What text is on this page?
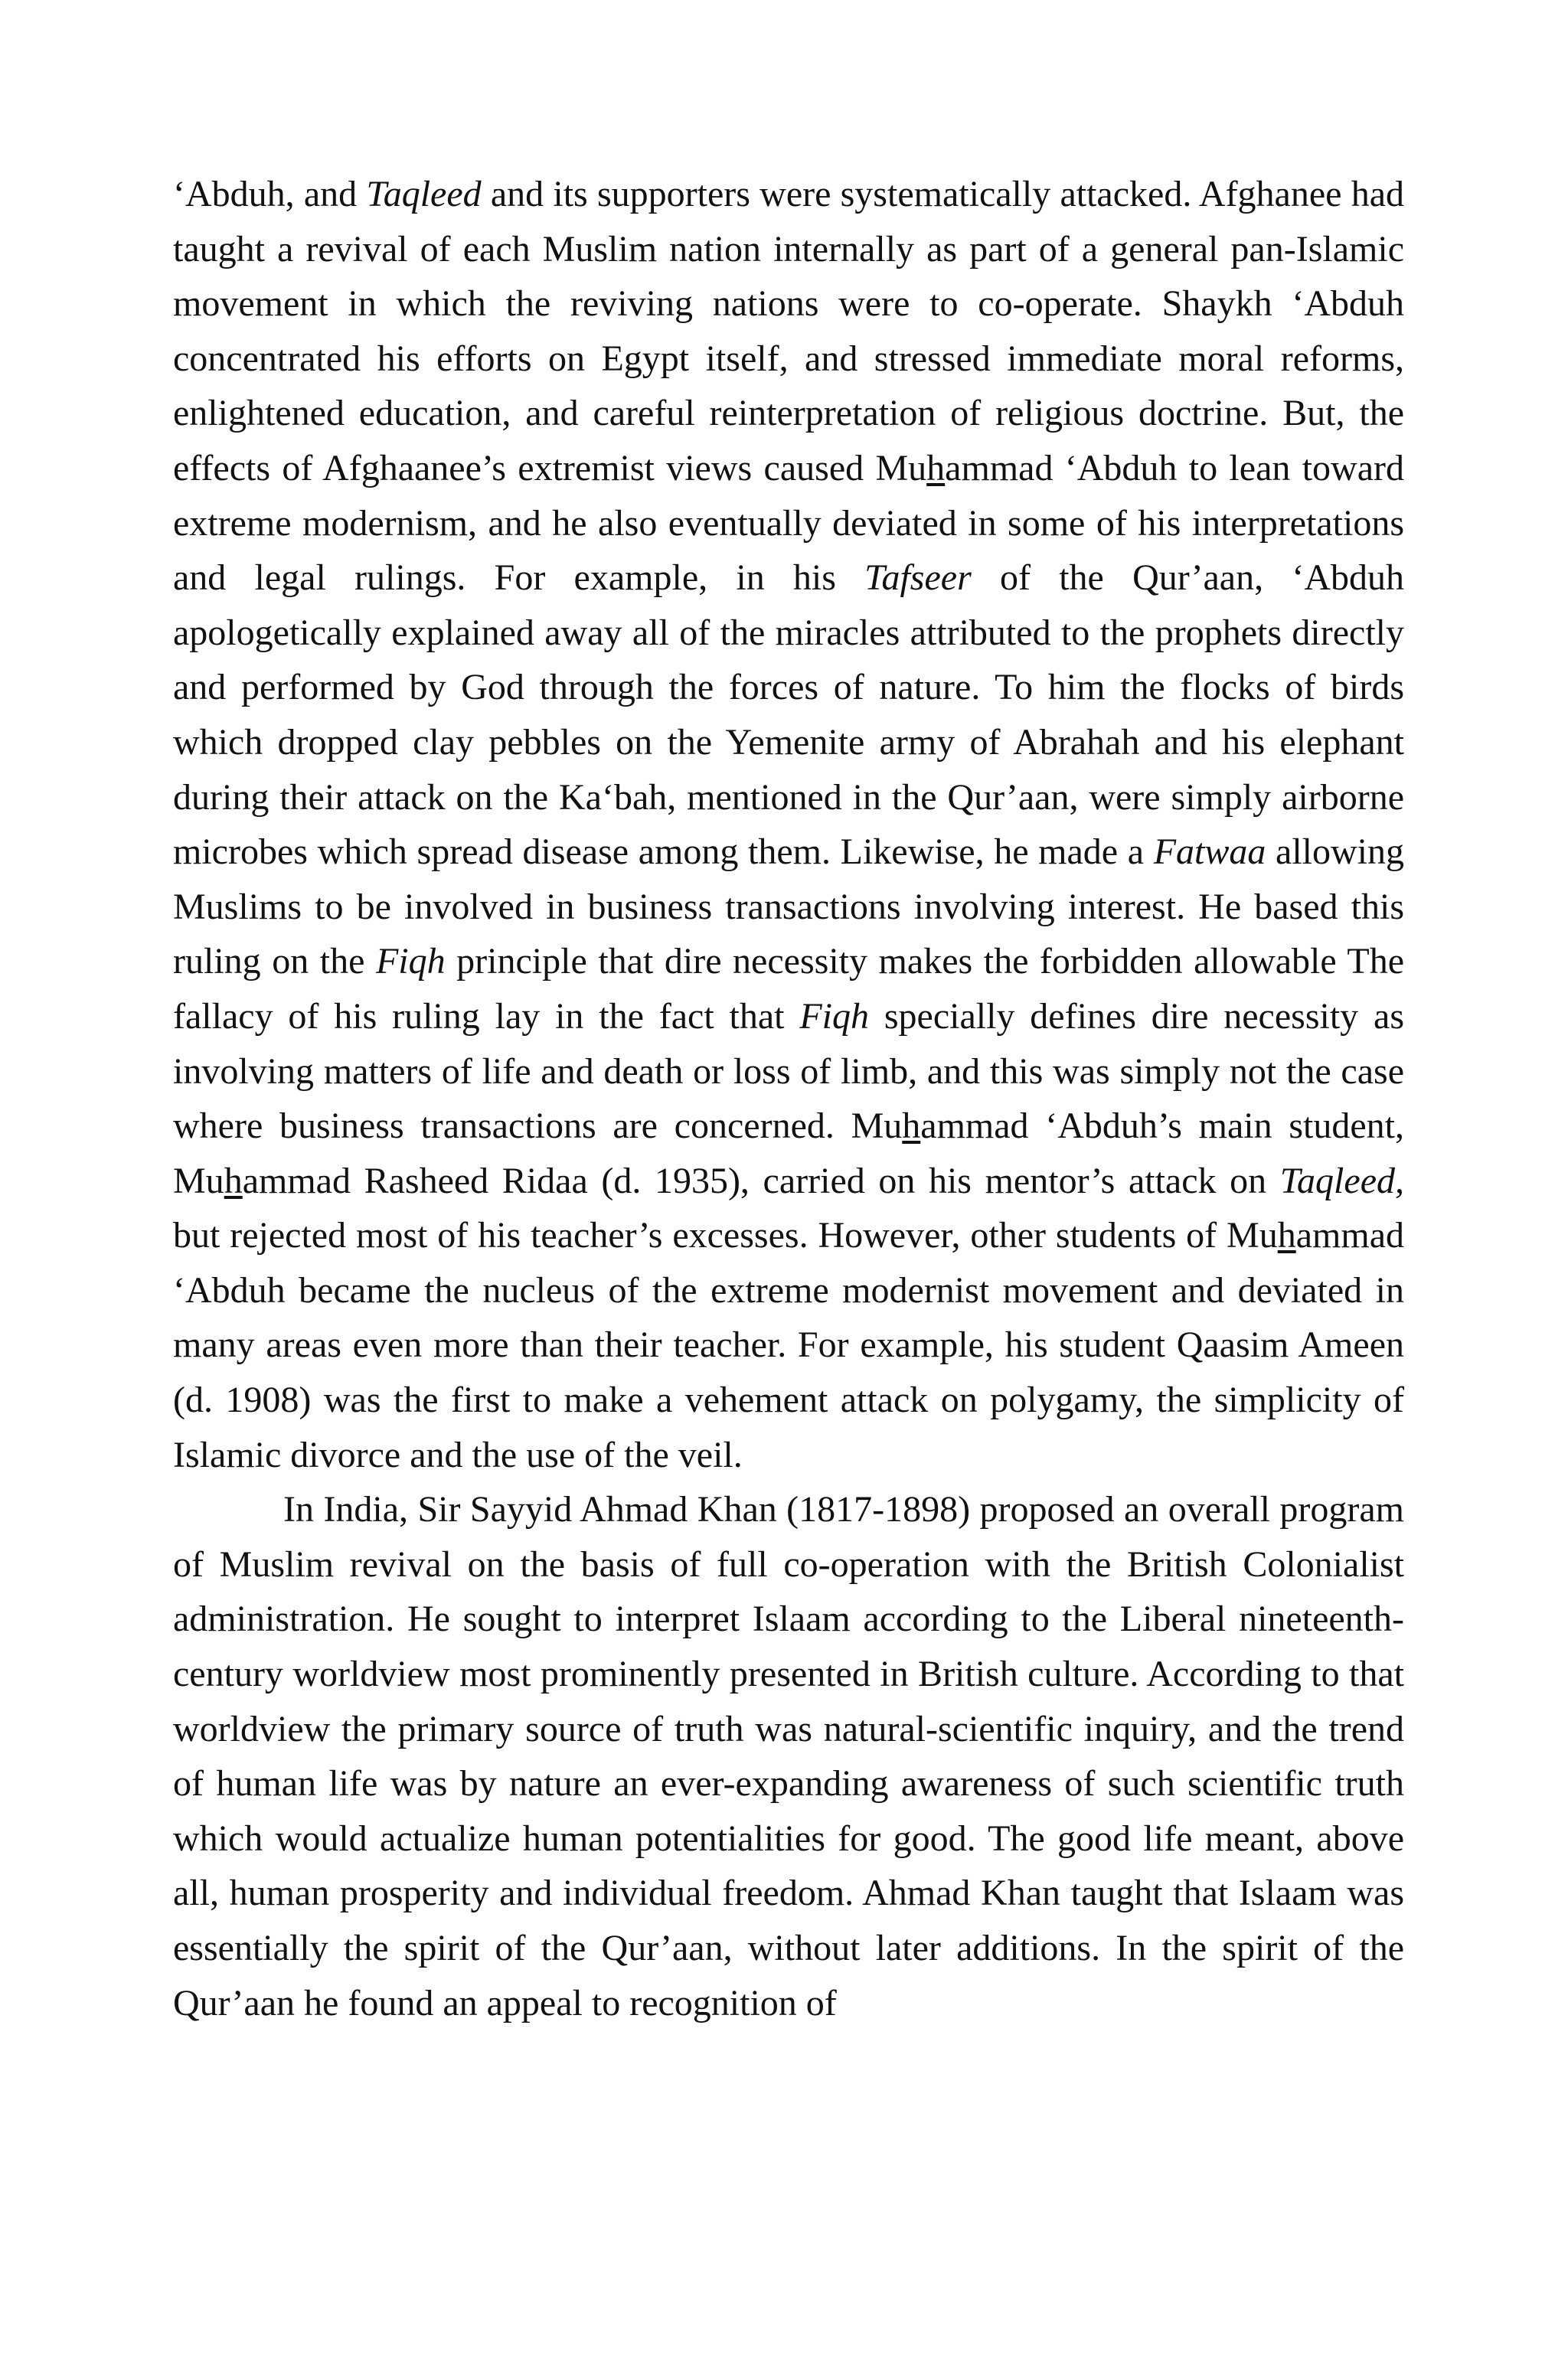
‘Abduh, and Taqleed and its supporters were systematically attacked. Afghanee had taught a revival of each Muslim nation internally as part of a general pan-Islamic movement in which the reviving nations were to co-operate. Shaykh ‘Abduh concentrated his efforts on Egypt itself, and stressed immediate moral reforms, enlightened education, and careful reinterpretation of religious doctrine. But, the effects of Afghaanee’s extremist views caused Muhammad ‘Abduh to lean toward extreme modernism, and he also eventually deviated in some of his interpretations and legal rulings. For example, in his Tafseer of the Qur’aan, ‘Abduh apologetically explained away all of the miracles attributed to the prophets directly and performed by God through the forces of nature. To him the flocks of birds which dropped clay pebbles on the Yemenite army of Abrahah and his elephant during their attack on the Ka‘bah, mentioned in the Qur’aan, were simply airborne microbes which spread disease among them. Likewise, he made a Fatwaa allowing Muslims to be involved in business transactions involving interest. He based this ruling on the Fiqh principle that dire necessity makes the forbidden allowable The fallacy of his ruling lay in the fact that Fiqh specially defines dire necessity as involving matters of life and death or loss of limb, and this was simply not the case where business transactions are concerned. Muhammad ‘Abduh’s main student, Muhammad Rasheed Ridaa (d. 1935), carried on his mentor’s attack on Taqleed, but rejected most of his teacher’s excesses. However, other students of Muhammad ‘Abduh became the nucleus of the extreme modernist movement and deviated in many areas even more than their teacher. For example, his student Qaasim Ameen (d. 1908) was the first to make a vehement attack on polygamy, the simplicity of Islamic divorce and the use of the veil.

In India, Sir Sayyid Ahmad Khan (1817-1898) proposed an overall program of Muslim revival on the basis of full co-operation with the British Colonialist administration. He sought to interpret Islaam according to the Liberal nineteenth-century worldview most prominently presented in British culture. According to that worldview the primary source of truth was natural-scientific inquiry, and the trend of human life was by nature an ever-expanding awareness of such scientific truth which would actualize human potentialities for good. The good life meant, above all, human prosperity and individual freedom. Ahmad Khan taught that Islaam was essentially the spirit of the Qur’aan, without later additions. In the spirit of the Qur’aan he found an appeal to recognition of
